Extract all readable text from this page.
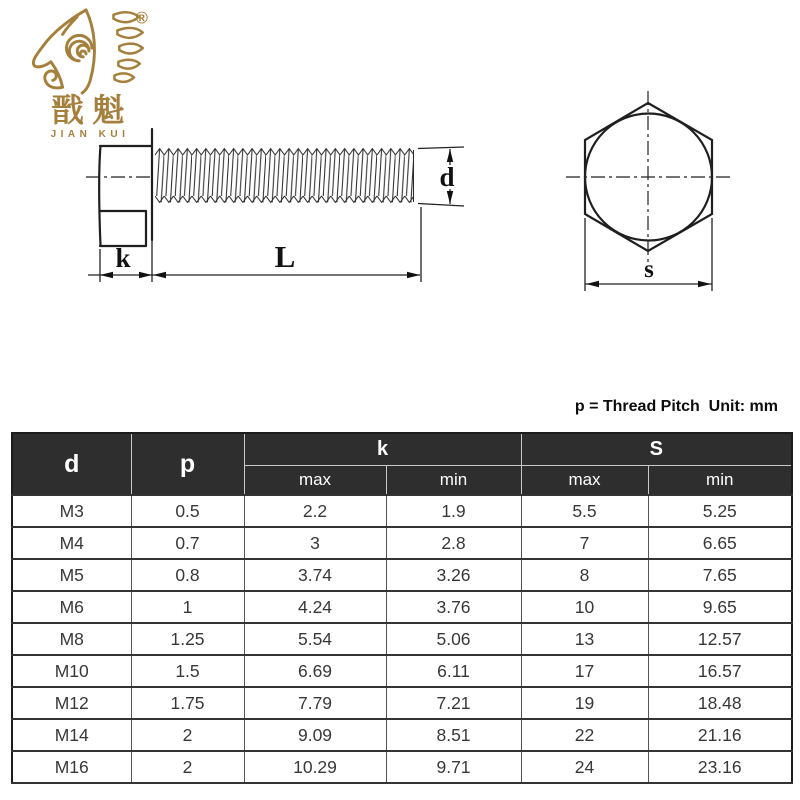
d
k	L	s
®
戬魁
JIAN KUI
p = Thread Pitch  Unit: mm
d	p	k		S	
		max	min	max	min
M3	0.5	2.2	1.9	5.5	5.25
M4	0.7	3	2.8	7	6.65
M5	0.8	3.74	3.26	8	7.65
M6	1	4.24	3.76	10	9.65
M8	1.25	5.54	5.06	13	12.57
M10	1.5	6.69	6.11	17	16.57
M12	1.75	7.79	7.21	19	18.48
M14	2	9.09	8.51	22	21.16
M16	2	10.29	9.71	24	23.16
